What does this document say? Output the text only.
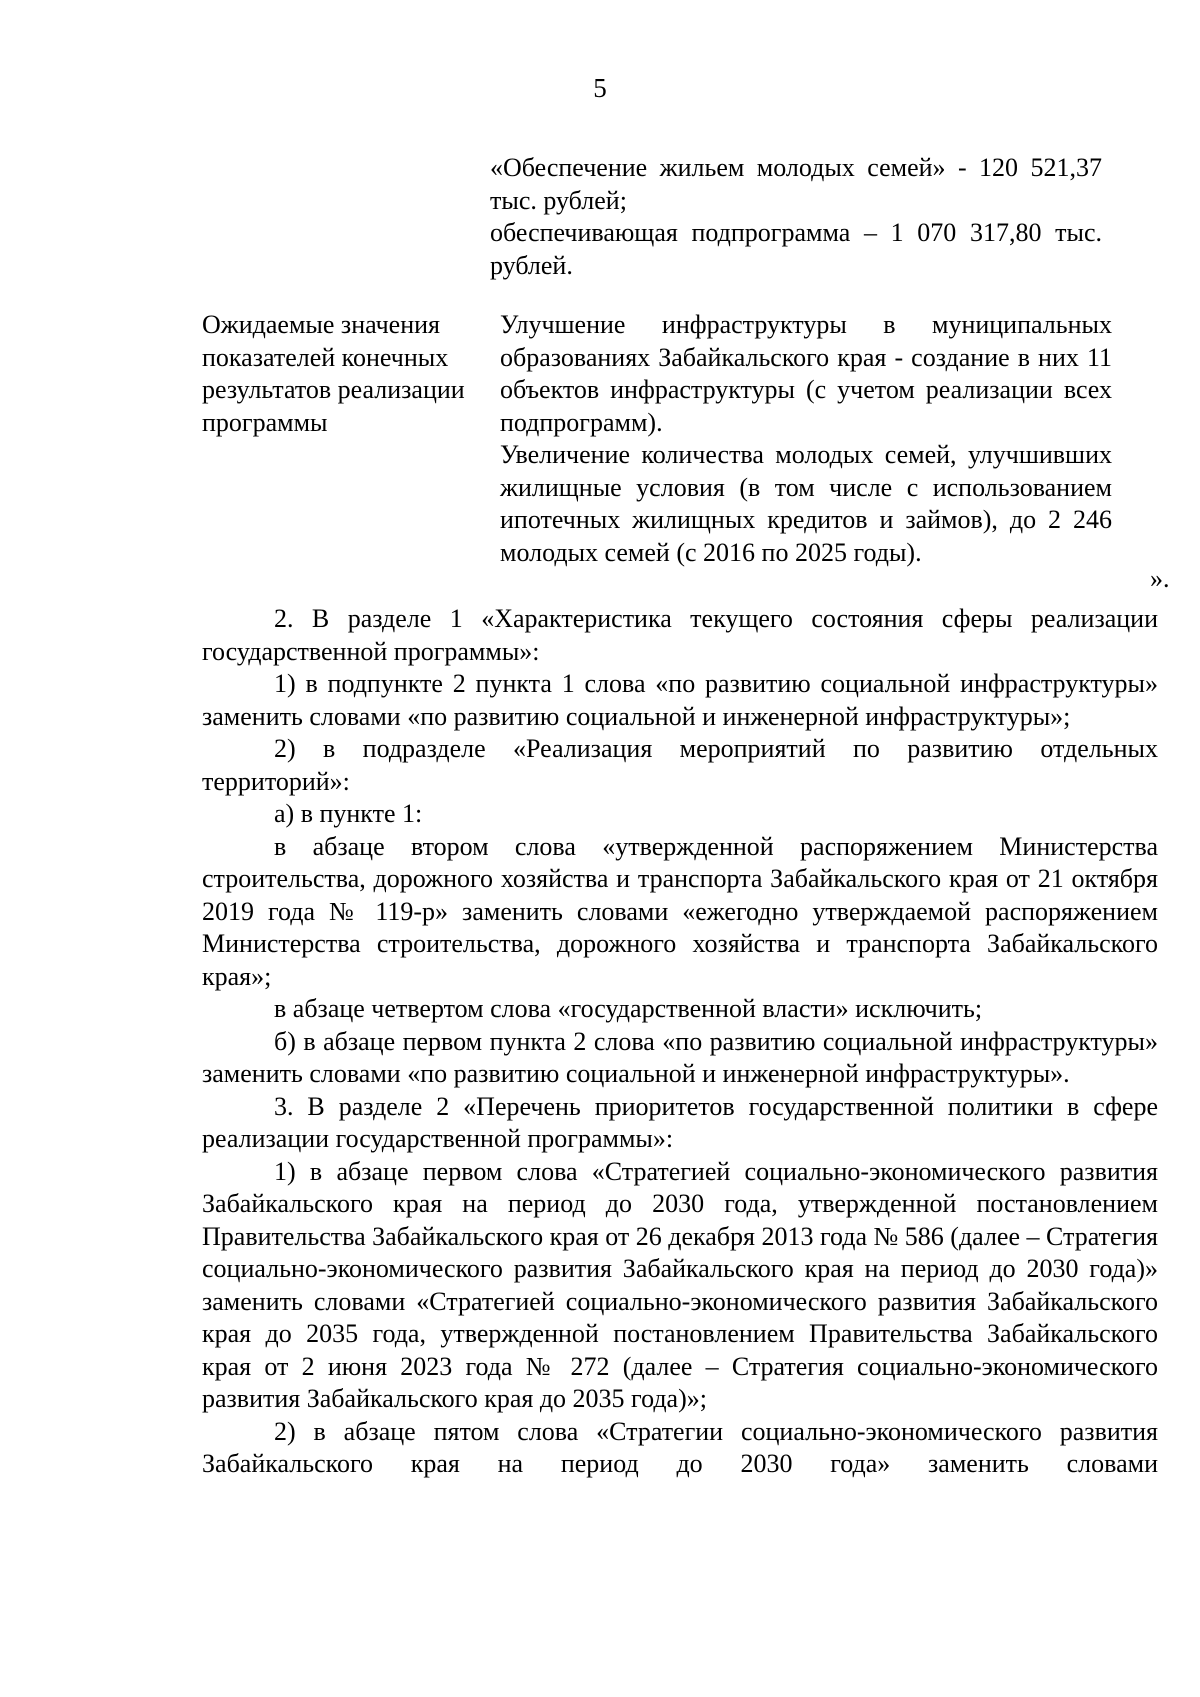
5

«Обеспечение жильем молодых семей» - 120 521,37 тыс. рублей;

обеспечивающая подпрограмма – 1 070 317,80 тыс. рублей.

Ожидаемые значения показателей конечных результатов реализации программы

Улучшение инфраструктуры в муниципальных образованиях Забайкальского края - создание в них 11 объектов инфраструктуры (с учетом реализации всех подпрограмм).

Увеличение количества молодых семей, улучшивших жилищные условия (в том числе с использованием ипотечных жилищных кредитов и займов), до 2 246 молодых семей (с 2016 по 2025 годы).

».

2. В разделе 1 «Характеристика текущего состояния сферы реализации государственной программы»:

1) в подпункте 2 пункта 1 слова «по развитию социальной инфраструктуры» заменить словами «по развитию социальной и инженерной инфраструктуры»;

2) в подразделе «Реализация мероприятий по развитию отдельных территорий»:

а) в пункте 1:

в абзаце втором слова «утвержденной распоряжением Министерства строительства, дорожного хозяйства и транспорта Забайкальского края от 21 октября 2019 года № 119-р» заменить словами «ежегодно утверждаемой распоряжением Министерства строительства, дорожного хозяйства и транспорта Забайкальского края»;

в абзаце четвертом слова «государственной власти» исключить;

б) в абзаце первом пункта 2 слова «по развитию социальной инфраструктуры» заменить словами «по развитию социальной и инженерной инфраструктуры».

3. В разделе 2 «Перечень приоритетов государственной политики в сфере реализации государственной программы»:

1) в абзаце первом слова «Стратегией социально-экономического развития Забайкальского края на период до 2030 года, утвержденной постановлением Правительства Забайкальского края от 26 декабря 2013 года № 586 (далее – Стратегия социально-экономического развития Забайкальского края на период до 2030 года)» заменить словами «Стратегией социально-экономического развития Забайкальского края до 2035 года, утвержденной постановлением Правительства Забайкальского края от 2 июня 2023 года № 272 (далее – Стратегия социально-экономического развития Забайкальского края до 2035 года)»;

2) в абзаце пятом слова «Стратегии социально-экономического развития Забайкальского края на период до 2030 года» заменить словами
